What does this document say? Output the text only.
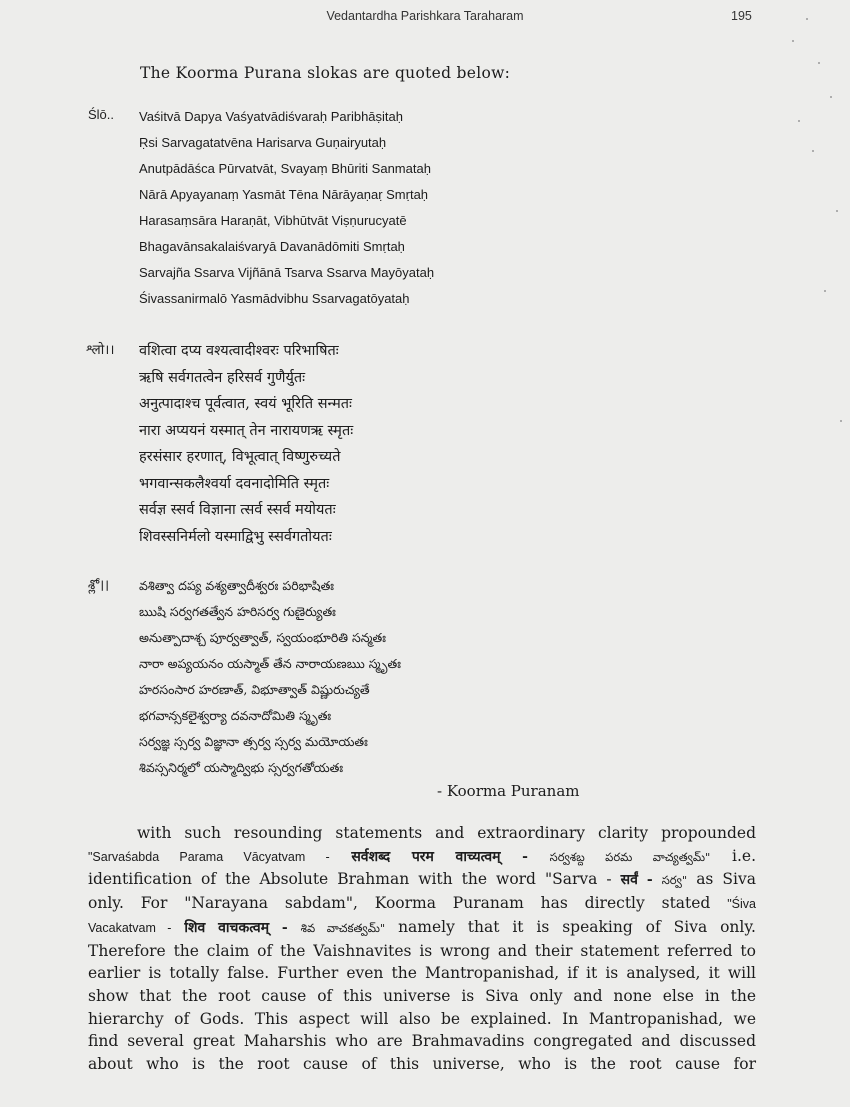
Vedantardha Parishkara Taraharam	195
The Koorma Purana slokas are quoted below:
Ślō.. Vaśitvā Dapya Vaśyatvādiśvaraḥ Paribhāṣitaḥ
Ṛsi Sarvagatatvēna Harisarva Guṇairyutaḥ
Anutpādāśca Pūrvatvāt, Svayaṃ Bhūriti Sanmataḥ
Nārā Apyayanaṃ Yasmāt Tēna Nārāyaṇaṛ Smṛtaḥ
Harasaṃsāra Haraṇāt, Vibhūtvāt Viṣṇurucyatē
Bhagavānsakalaiśvaryā Davanādōmiti Smṛtaḥ
Sarvajña Ssarva Vijñānā Tsarva Ssarva Mayōyataḥ
Śivassanirmalō Yasmādvibhu Ssarvagatōyataḥ
श्लो।। वशित्वा दप्य वश्यत्वादीश्वरः परिभाषितः
ऋषि सर्वगतत्वेन हरिसर्व गुणैर्युतः
अनुत्पादाश्च पूर्वत्वात, स्वयं भूरिति सन्मतः
नारा अप्ययनं यस्मात् तेन नारायणऋ स्मृतः
हरसंसार हरणात्, विभूत्वात् विष्णुरुच्यते
भगवान्सकलैश्वर्या दवनादोमिति स्मृतः
सर्वज्ञ स्सर्व विज्ञाना त्सर्व स्सर्व मयोयतः
शिवस्सनिर्मलो यस्माद्विभु स्सर्वगतोयतः
శ్లో।। వశిత్వా దప్య వశ్యత్వాదీశ్వరః పరిభాషితః
ఋషి సర్వగతత్వేన హరిసర్వ గుణైర్యుతః
అనుత్పాదాశ్చ పూర్వత్వాత్, స్వయంభూరితి సన్మతః
నారా అప్యయనం యస్మాత్ తేన నారాయణఋ స్మృతః
హరసంసార హరణాత్, విభూత్వాత్ విష్ణురుచ్యతే
భగవాన్సకలైశ్వర్యా దవనాదోమితి స్మృతః
సర్వజ్ఞ స్సర్వ విజ్ఞానా త్సర్వ స్సర్వ మయోయతః
శివస్సనిర్మలో యస్మాద్విభు స్సర్వగతోయతః
- Koorma Puranam

with such resounding statements and extraordinary clarity propounded
"Sarvaśabda Parama Vācyatvam - सर्वशब्द परम वाच्यत्वम् - సర్వశబ్ద పరమ వాచ్యత్వమ్" i.e.
identification of the Absolute Brahman with the word "Sarva - सर्वं - సర్వ" as Siva
only. For "Narayana sabdam", Koorma Puranam has directly stated "Śiva
Vacakatvam - शिव वाचकत्वम् - శివ వాచకత్వమ్" namely that it is speaking of Siva only.
Therefore the claim of the Vaishnavites is wrong and their statement referred to
earlier is totally false. Further even the Mantropanishad, if it is analysed, it will
show that the root cause of this universe is Siva only and none else in the
hierarchy of Gods. This aspect will also be explained. In Mantropanishad, we
find several great Maharshis who are Brahmavadins congregated and discussed
about who is the root cause of this universe, who is the root cause for
